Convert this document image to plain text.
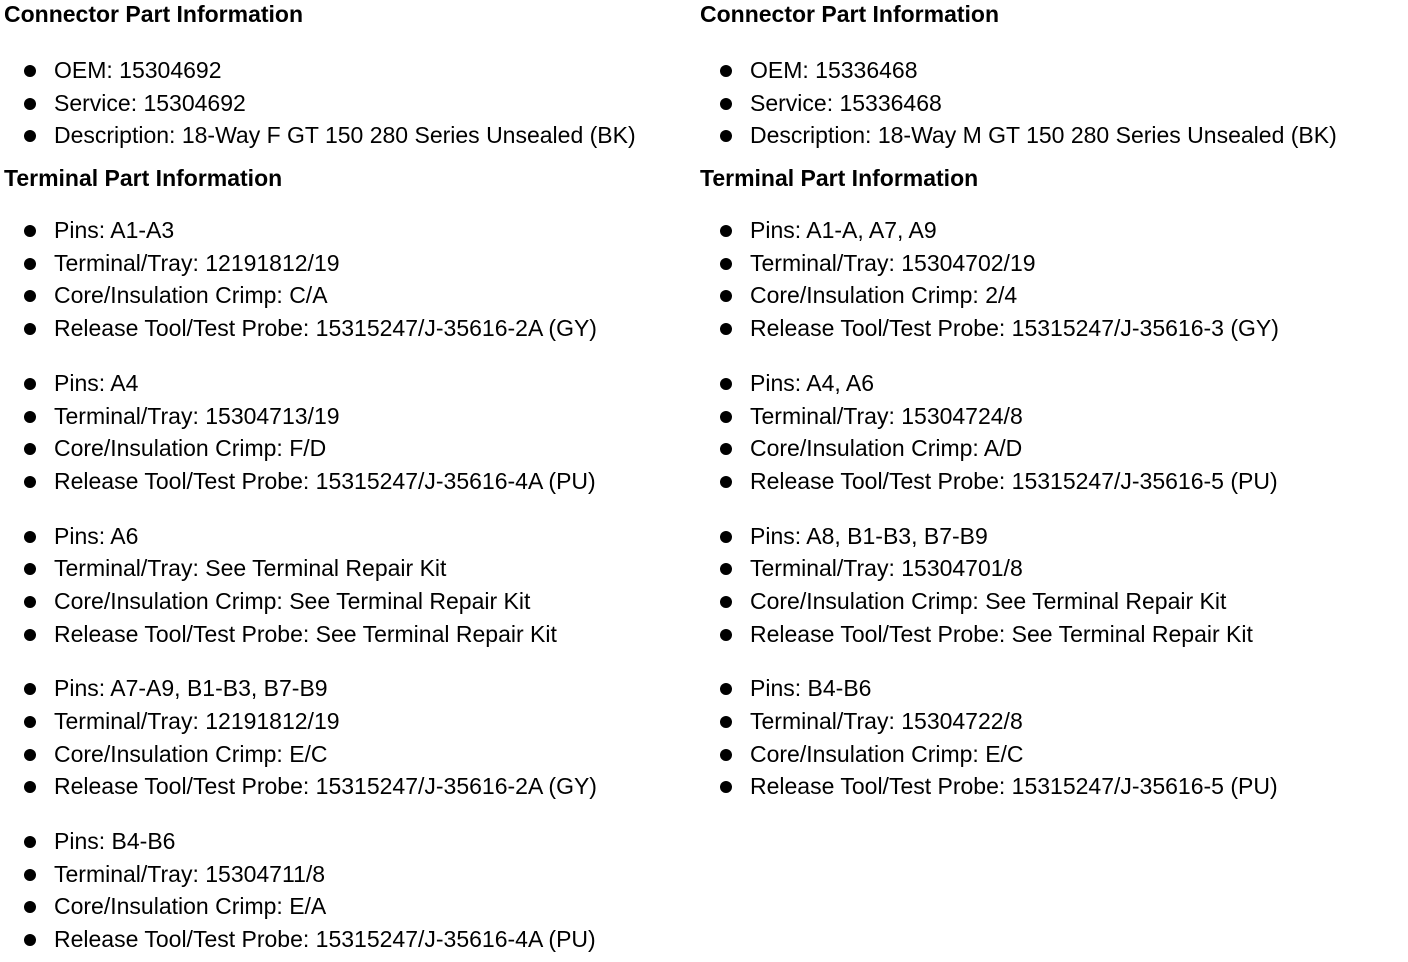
Connector Part Information
OEM: 15304692
Service: 15304692
Description: 18-Way F GT 150 280 Series Unsealed (BK)
Terminal Part Information
Pins: A1-A3
Terminal/Tray: 12191812/19
Core/Insulation Crimp: C/A
Release Tool/Test Probe: 15315247/J-35616-2A (GY)
Pins: A4
Terminal/Tray: 15304713/19
Core/Insulation Crimp: F/D
Release Tool/Test Probe: 15315247/J-35616-4A (PU)
Pins: A6
Terminal/Tray: See Terminal Repair Kit
Core/Insulation Crimp: See Terminal Repair Kit
Release Tool/Test Probe: See Terminal Repair Kit
Pins: A7-A9, B1-B3, B7-B9
Terminal/Tray: 12191812/19
Core/Insulation Crimp: E/C
Release Tool/Test Probe: 15315247/J-35616-2A (GY)
Pins: B4-B6
Terminal/Tray: 15304711/8
Core/Insulation Crimp: E/A
Release Tool/Test Probe: 15315247/J-35616-4A (PU)
Connector Part Information
OEM: 15336468
Service: 15336468
Description: 18-Way M GT 150 280 Series Unsealed (BK)
Terminal Part Information
Pins: A1-A, A7, A9
Terminal/Tray: 15304702/19
Core/Insulation Crimp: 2/4
Release Tool/Test Probe: 15315247/J-35616-3 (GY)
Pins: A4, A6
Terminal/Tray: 15304724/8
Core/Insulation Crimp: A/D
Release Tool/Test Probe: 15315247/J-35616-5 (PU)
Pins: A8, B1-B3, B7-B9
Terminal/Tray: 15304701/8
Core/Insulation Crimp: See Terminal Repair Kit
Release Tool/Test Probe: See Terminal Repair Kit
Pins: B4-B6
Terminal/Tray: 15304722/8
Core/Insulation Crimp: E/C
Release Tool/Test Probe: 15315247/J-35616-5 (PU)
